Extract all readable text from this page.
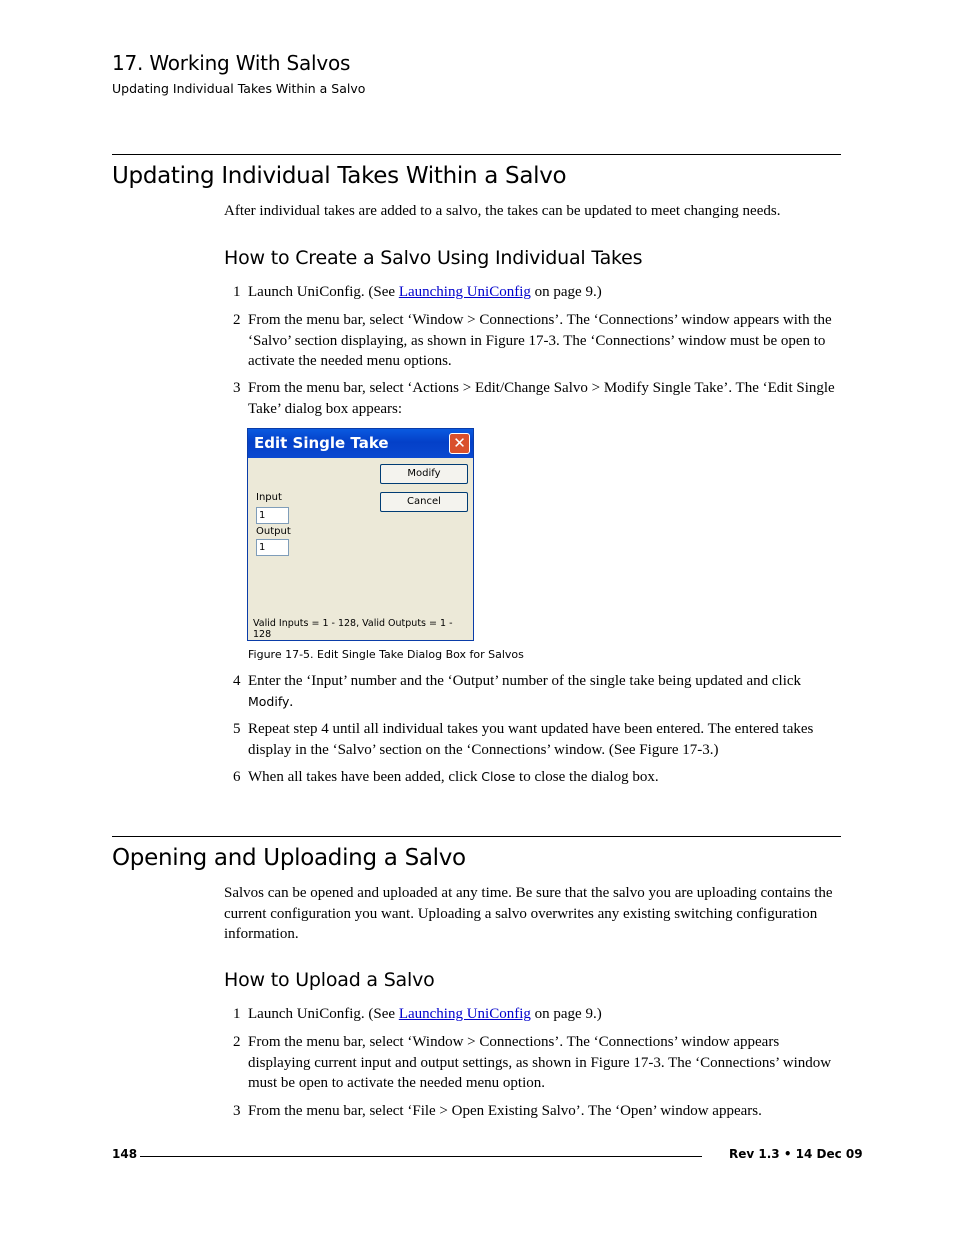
17. Working With Salvos
Updating Individual Takes Within a Salvo
Updating Individual Takes Within a Salvo
After individual takes are added to a salvo, the takes can be updated to meet changing needs.
How to Create a Salvo Using Individual Takes
1 Launch UniConfig. (See Launching UniConfig on page 9.)
2 From the menu bar, select ‘Window > Connections’. The ‘Connections’ window appears with the ‘Salvo’ section displaying, as shown in Figure 17-3. The ‘Connections’ window must be open to activate the needed menu options.
3 From the menu bar, select ‘Actions > Edit/Change Salvo > Modify Single Take’. The ‘Edit Single Take’ dialog box appears:
Edit Single Take	✕
Modify
Cancel
Input
1
Output
1
Valid Inputs = 1 - 128, Valid Outputs = 1 - 128
Figure 17-5. Edit Single Take Dialog Box for Salvos
4 Enter the ‘Input’ number and the ‘Output’ number of the single take being updated and click Modify.
5 Repeat step 4 until all individual takes you want updated have been entered. The entered takes display in the ‘Salvo’ section on the ‘Connections’ window. (See Figure 17-3.)
6 When all takes have been added, click Close to close the dialog box.
Opening and Uploading a Salvo
Salvos can be opened and uploaded at any time. Be sure that the salvo you are uploading contains the current configuration you want. Uploading a salvo overwrites any existing switching configuration information.
How to Upload a Salvo
1 Launch UniConfig. (See Launching UniConfig on page 9.)
2 From the menu bar, select ‘Window > Connections’. The ‘Connections’ window appears displaying current input and output settings, as shown in Figure 17-3. The ‘Connections’ window must be open to activate the needed menu option.
3 From the menu bar, select ‘File > Open Existing Salvo’. The ‘Open’ window appears.
148	Rev 1.3 • 14 Dec 09
